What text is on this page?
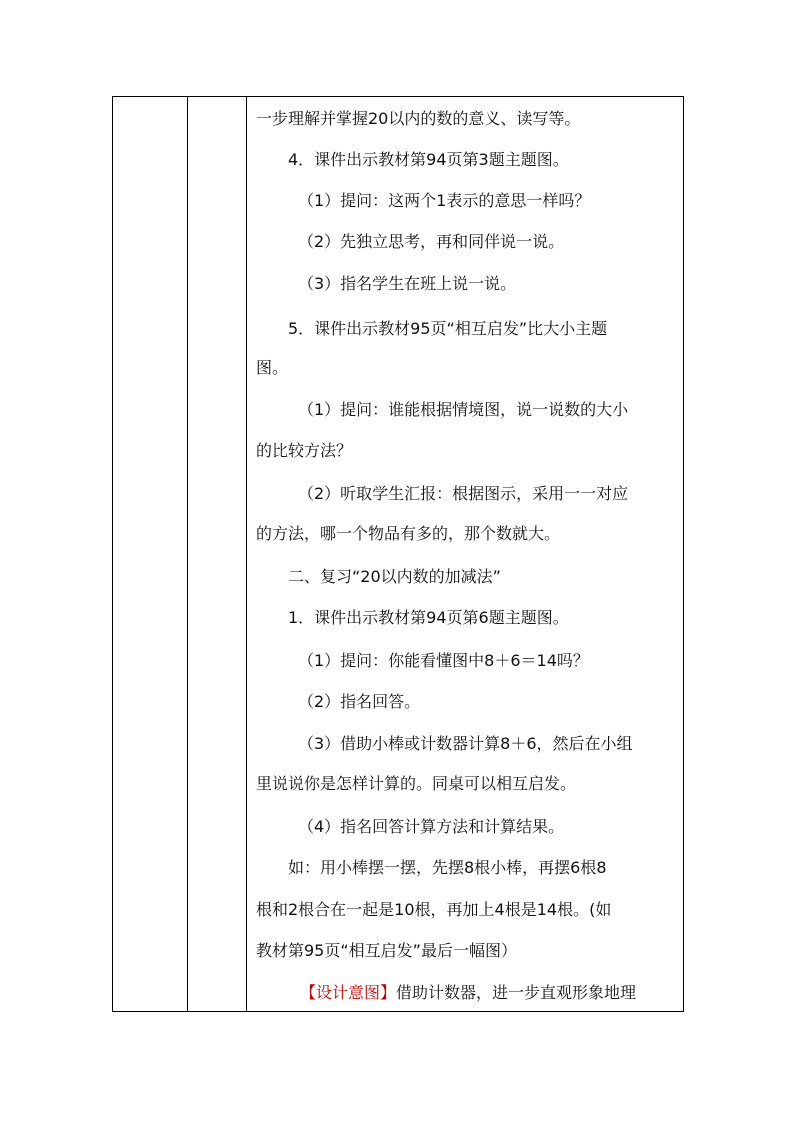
一步理解并掌握20以内的数的意义、读写等。
4．课件出示教材第94页第3题主题图。
（1）提问：这两个1表示的意思一样吗？
（2）先独立思考，再和同伴说一说。
（3）指名学生在班上说一说。
5．课件出示教材95页“相互启发”比大小主题
图。
（1）提问：谁能根据情境图，说一说数的大小
的比较方法？
（2）听取学生汇报：根据图示，采用一一对应
的方法，哪一个物品有多的，那个数就大。
二、复习“20以内数的加减法”
1．课件出示教材第94页第6题主题图。
（1）提问：你能看懂图中8＋6＝14吗？
（2）指名回答。
（3）借助小棒或计数器计算8＋6，然后在小组
里说说你是怎样计算的。同桌可以相互启发。
（4）指名回答计算方法和计算结果。
如：用小棒摆一摆，先摆8根小棒，再摆6根8
根和2根合在一起是10根，再加上4根是14根。(如
教材第95页“相互启发”最后一幅图）
【设计意图】借助计数器，进一步直观形象地理
